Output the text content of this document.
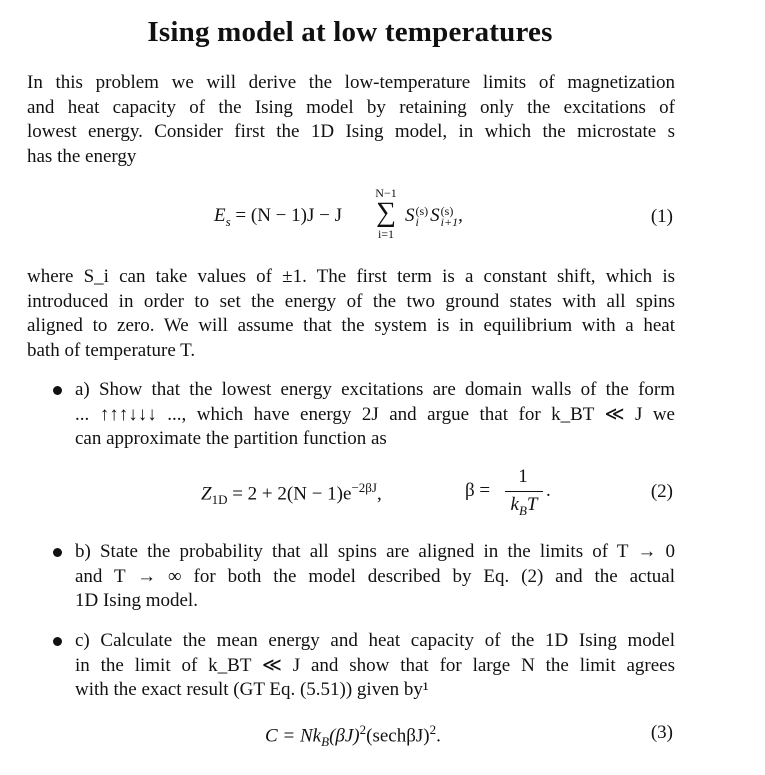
Ising model at low temperatures
In this problem we will derive the low-temperature limits of magnetization
and heat capacity of the Ising model by retaining only the excitations of
lowest energy. Consider first the 1D Ising model, in which the microstate s
has the energy
$E_s = (N - 1)J - J$
N−1
∑
i=1
S (s)
i S (s)
i+1 ,	(1)
where S_i can take values of ±1. The first term is a constant shift, which is
introduced in order to set the energy of the two ground states with all spins
aligned to zero. We will assume that the system is in equilibrium with a heat
bath of temperature T.
a) Show that the lowest energy excitations are domain walls of the form
... ↑↑↑↓↓↓ ..., which have energy 2J and argue that for k_BT ≪ J we
can approximate the partition function as
$Z_{1D} = 2 + 2(N - 1)e^{-2\beta J}$,	β =
1
$k_BT$
.	(2)
b) State the probability that all spins are aligned in the limits of T → 0
and T → ∞ for both the model described by Eq. (2) and the actual
1D Ising model.
c) Calculate the mean energy and heat capacity of the 1D Ising model
in the limit of k_BT ≪ J and show that for large N the limit agrees
with the exact result (GT Eq. (5.51)) given by¹
$C = Nk_B(\beta J)^2(\sec h\beta J)^2$.	(3)
